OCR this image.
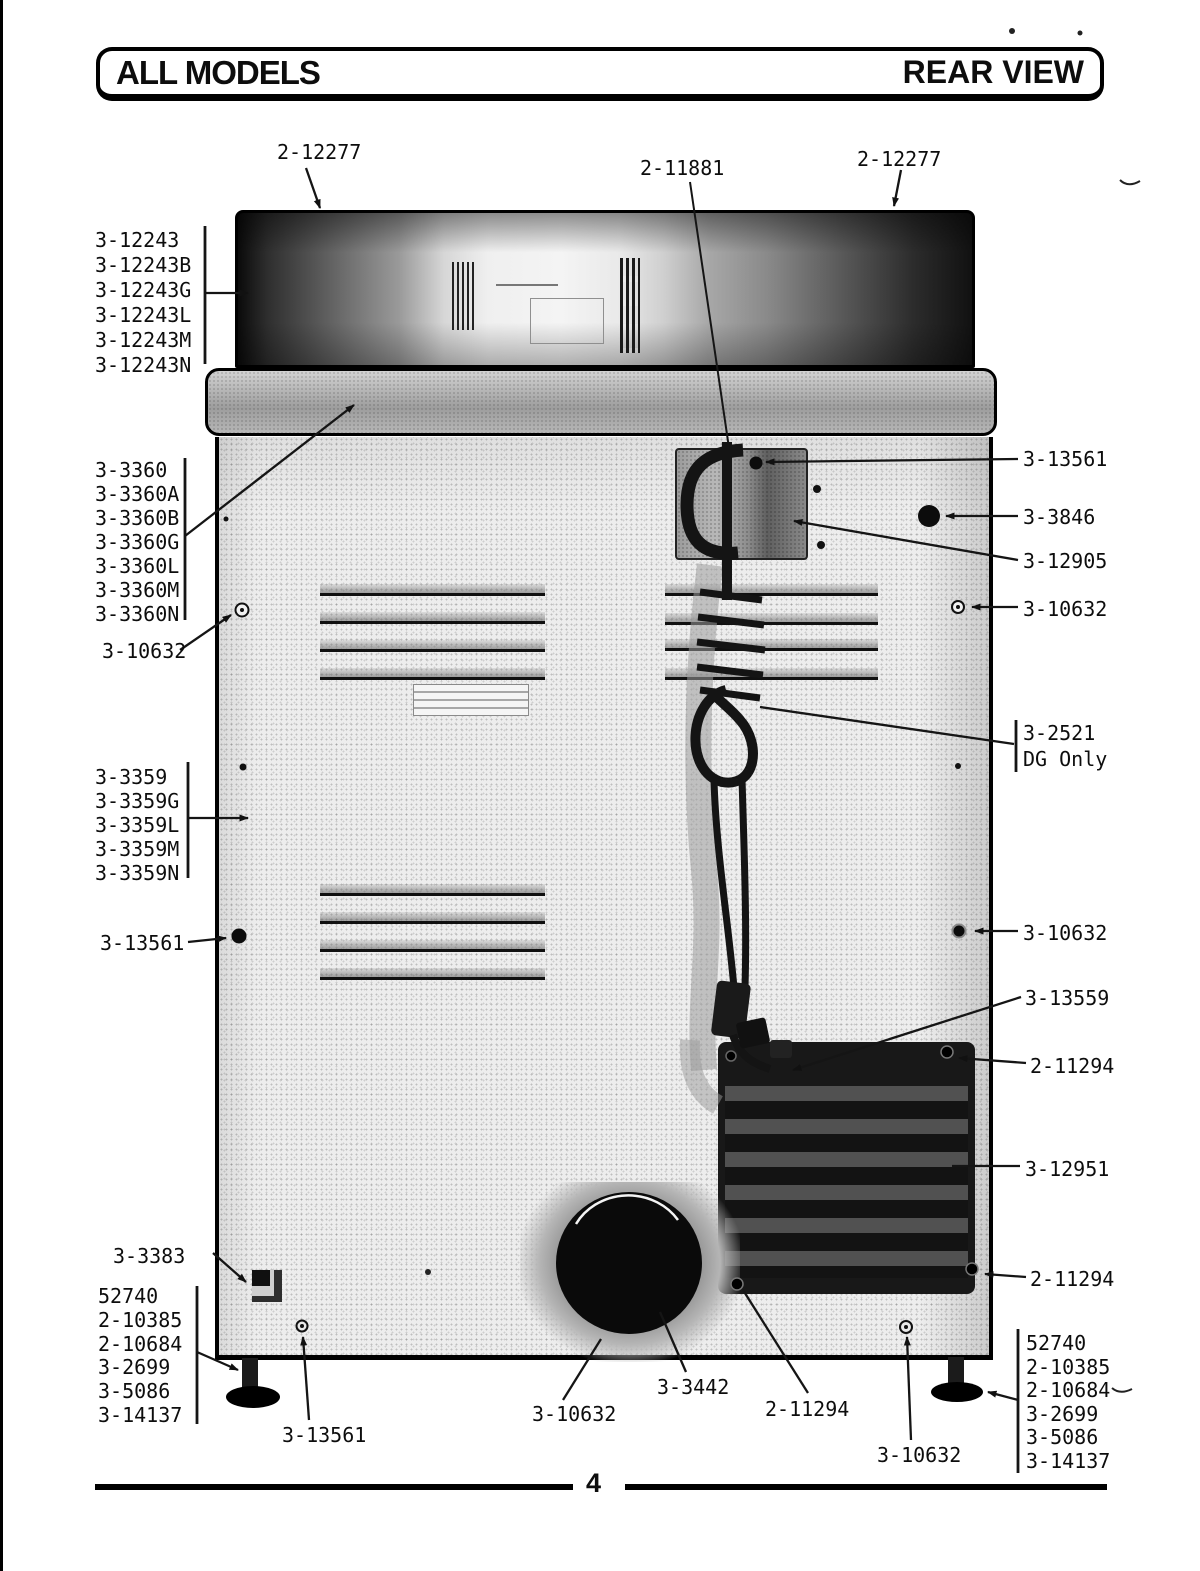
ALL MODELS	REAR VIEW
2-12277
2-11881	2-12277
3-12243
3-12243B
3-12243G
3-12243L
3-12243M
3-12243N
3-3360
3-3360A
3-3360B
3-3360G
3-3360L
3-3360M
3-3360N
3-10632
3-3359
3-3359G
3-3359L
3-3359M
3-3359N
3-13561
3-13561
3-3846
3-12905
3-10632
3-2521
DG Only
3-10632
3-13559
2-11294
3-12951
2-11294
3-3383
52740
2-10385
2-10684
3-2699
3-5086
3-14137
3-13561
3-10632
3-3442
2-11294
3-10632
52740
2-10385
2-10684
3-2699
3-5086
3-14137
4
